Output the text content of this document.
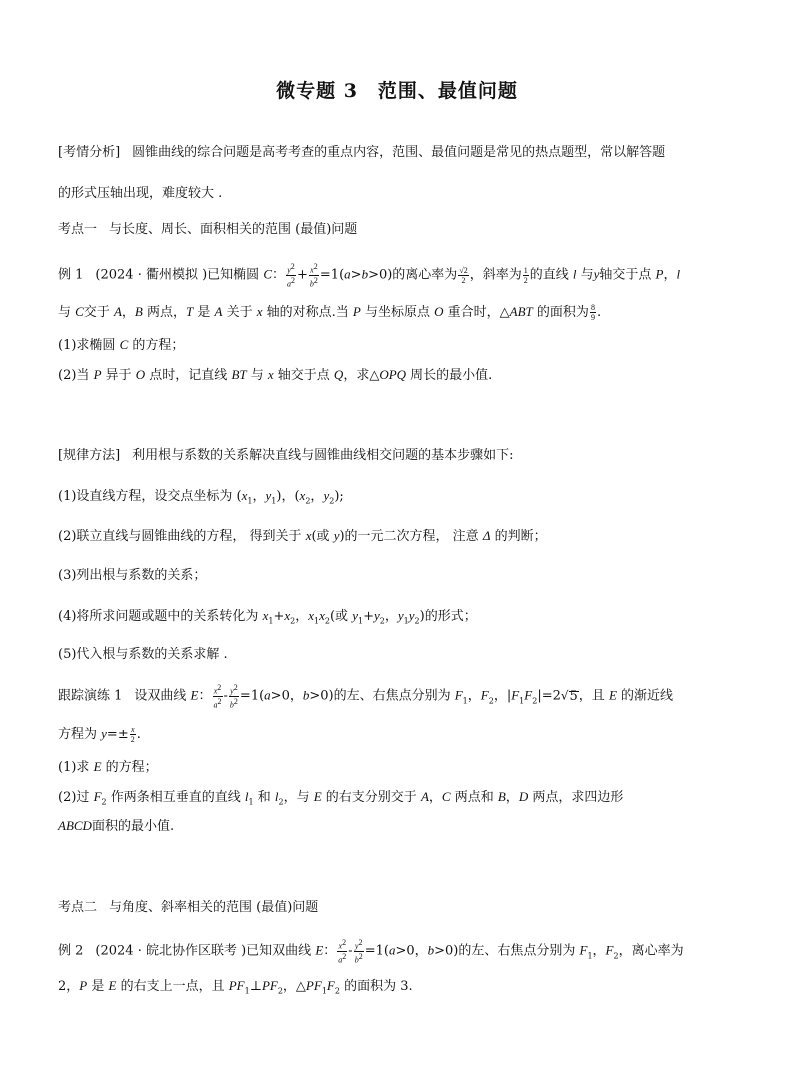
微专题 3　范围、最值问题
[考情分析] 圆锥曲线的综合问题是高考考查的重点内容，范围、最值问题是常见的热点题型，常以解答题
的形式压轴出现，难度较大 .
考点一 与长度、周长、面积相关的范围 (最值)问题
例 1 (2024 · 衢州模拟 )已知椭圆 C： $\frac{y^2}{a^2} + \frac{x^2}{b^2} =1(a>b>0)$的离心率为 $\frac{√2}{2}$ ，斜率为 $\frac{1}{2}$ 的直线 l 与y轴交于点 P，l
与 C交于 A，B 两点，T 是 A 关于 x 轴的对称点.当 P 与坐标原点 O 重合时，△ABT 的面积为 $\frac{8}{9}$ .
(1)求椭圆 C 的方程；
(2)当 P 异于 O 点时，记直线 BT 与 x 轴交于点 Q，求△OPQ 周长的最小值.
[规律方法] 利用根与系数的关系解决直线与圆锥曲线相交问题的基本步骤如下:
(1)设直线方程，设交点坐标为 ($x_1$，$y_1$)，($x_2$，$y_2$);
(2)联立直线与圆锥曲线的方程， 得到关于 x(或 y)的一元二次方程， 注意 Δ 的判断；
(3)列出根与系数的关系；
(4)将所求问题或题中的关系转化为 $x_1+x_2$，$x_1x_2$(或 $y_1+y_2$，$y_1y_2$)的形式；
(5)代入根与系数的关系求解 .
跟踪演练 1 设双曲线 E： $\frac{x^2}{a^2} - \frac{y^2}{b^2} =1(a>0$，b>0)的左、右焦点分别为 $F_1$，$F_2$，$|F_1F_2|=2√5$，且 E 的渐近线
方程为 $y=\pm \frac{x}{2}$ .
(1)求 E 的方程；
(2)过 $F_2$ 作两条相互垂直的直线 $l_1$ 和 $l_2$，与 E 的右支分别交于 A，C 两点和 B，D 两点，求四边形
ABCD面积的最小值.
考点二 与角度、斜率相关的范围 (最值)问题
例 2 (2024 · 皖北协作区联考 )已知双曲线 E： $\frac{x^2}{a^2} - \frac{y^2}{b^2} =1(a>0$，b>0)的左、右焦点分别为 $F_1$，$F_2$，离心率为
2，P 是 E 的右支上一点，且 $PF_1\perp PF_2$，$\triangle PF_1F_2$ 的面积为 3.
